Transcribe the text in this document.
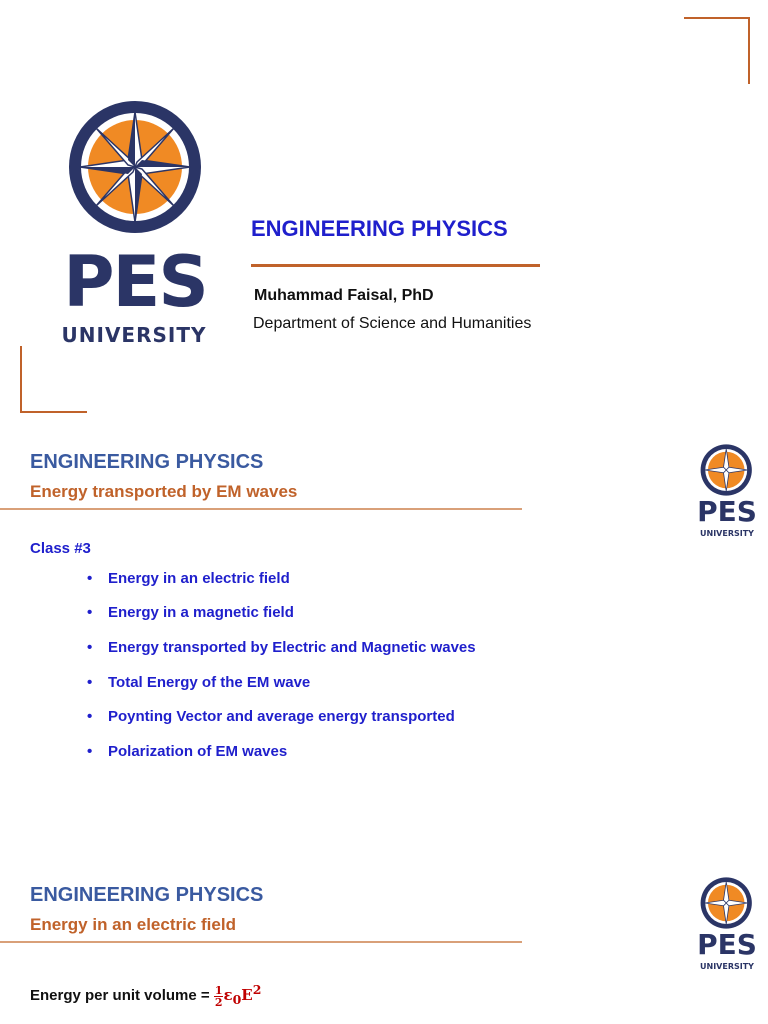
PES
UNIVERSITY
ENGINEERING PHYSICS
Muhammad Faisal, PhD
Department of Science and Humanities
ENGINEERING PHYSICS
Energy transported by EM waves
PES
UNIVERSITY
Class #3
• Energy in an electric field
• Energy in a magnetic field
• Energy transported by Electric and Magnetic waves
• Total Energy of the EM wave
• Poynting Vector and average energy transported
• Polarization of EM waves
ENGINEERING PHYSICS
Energy in an electric field
PES
UNIVERSITY
Energy per unit volume = $\frac{1}{2} \varepsilon_0E^2$
